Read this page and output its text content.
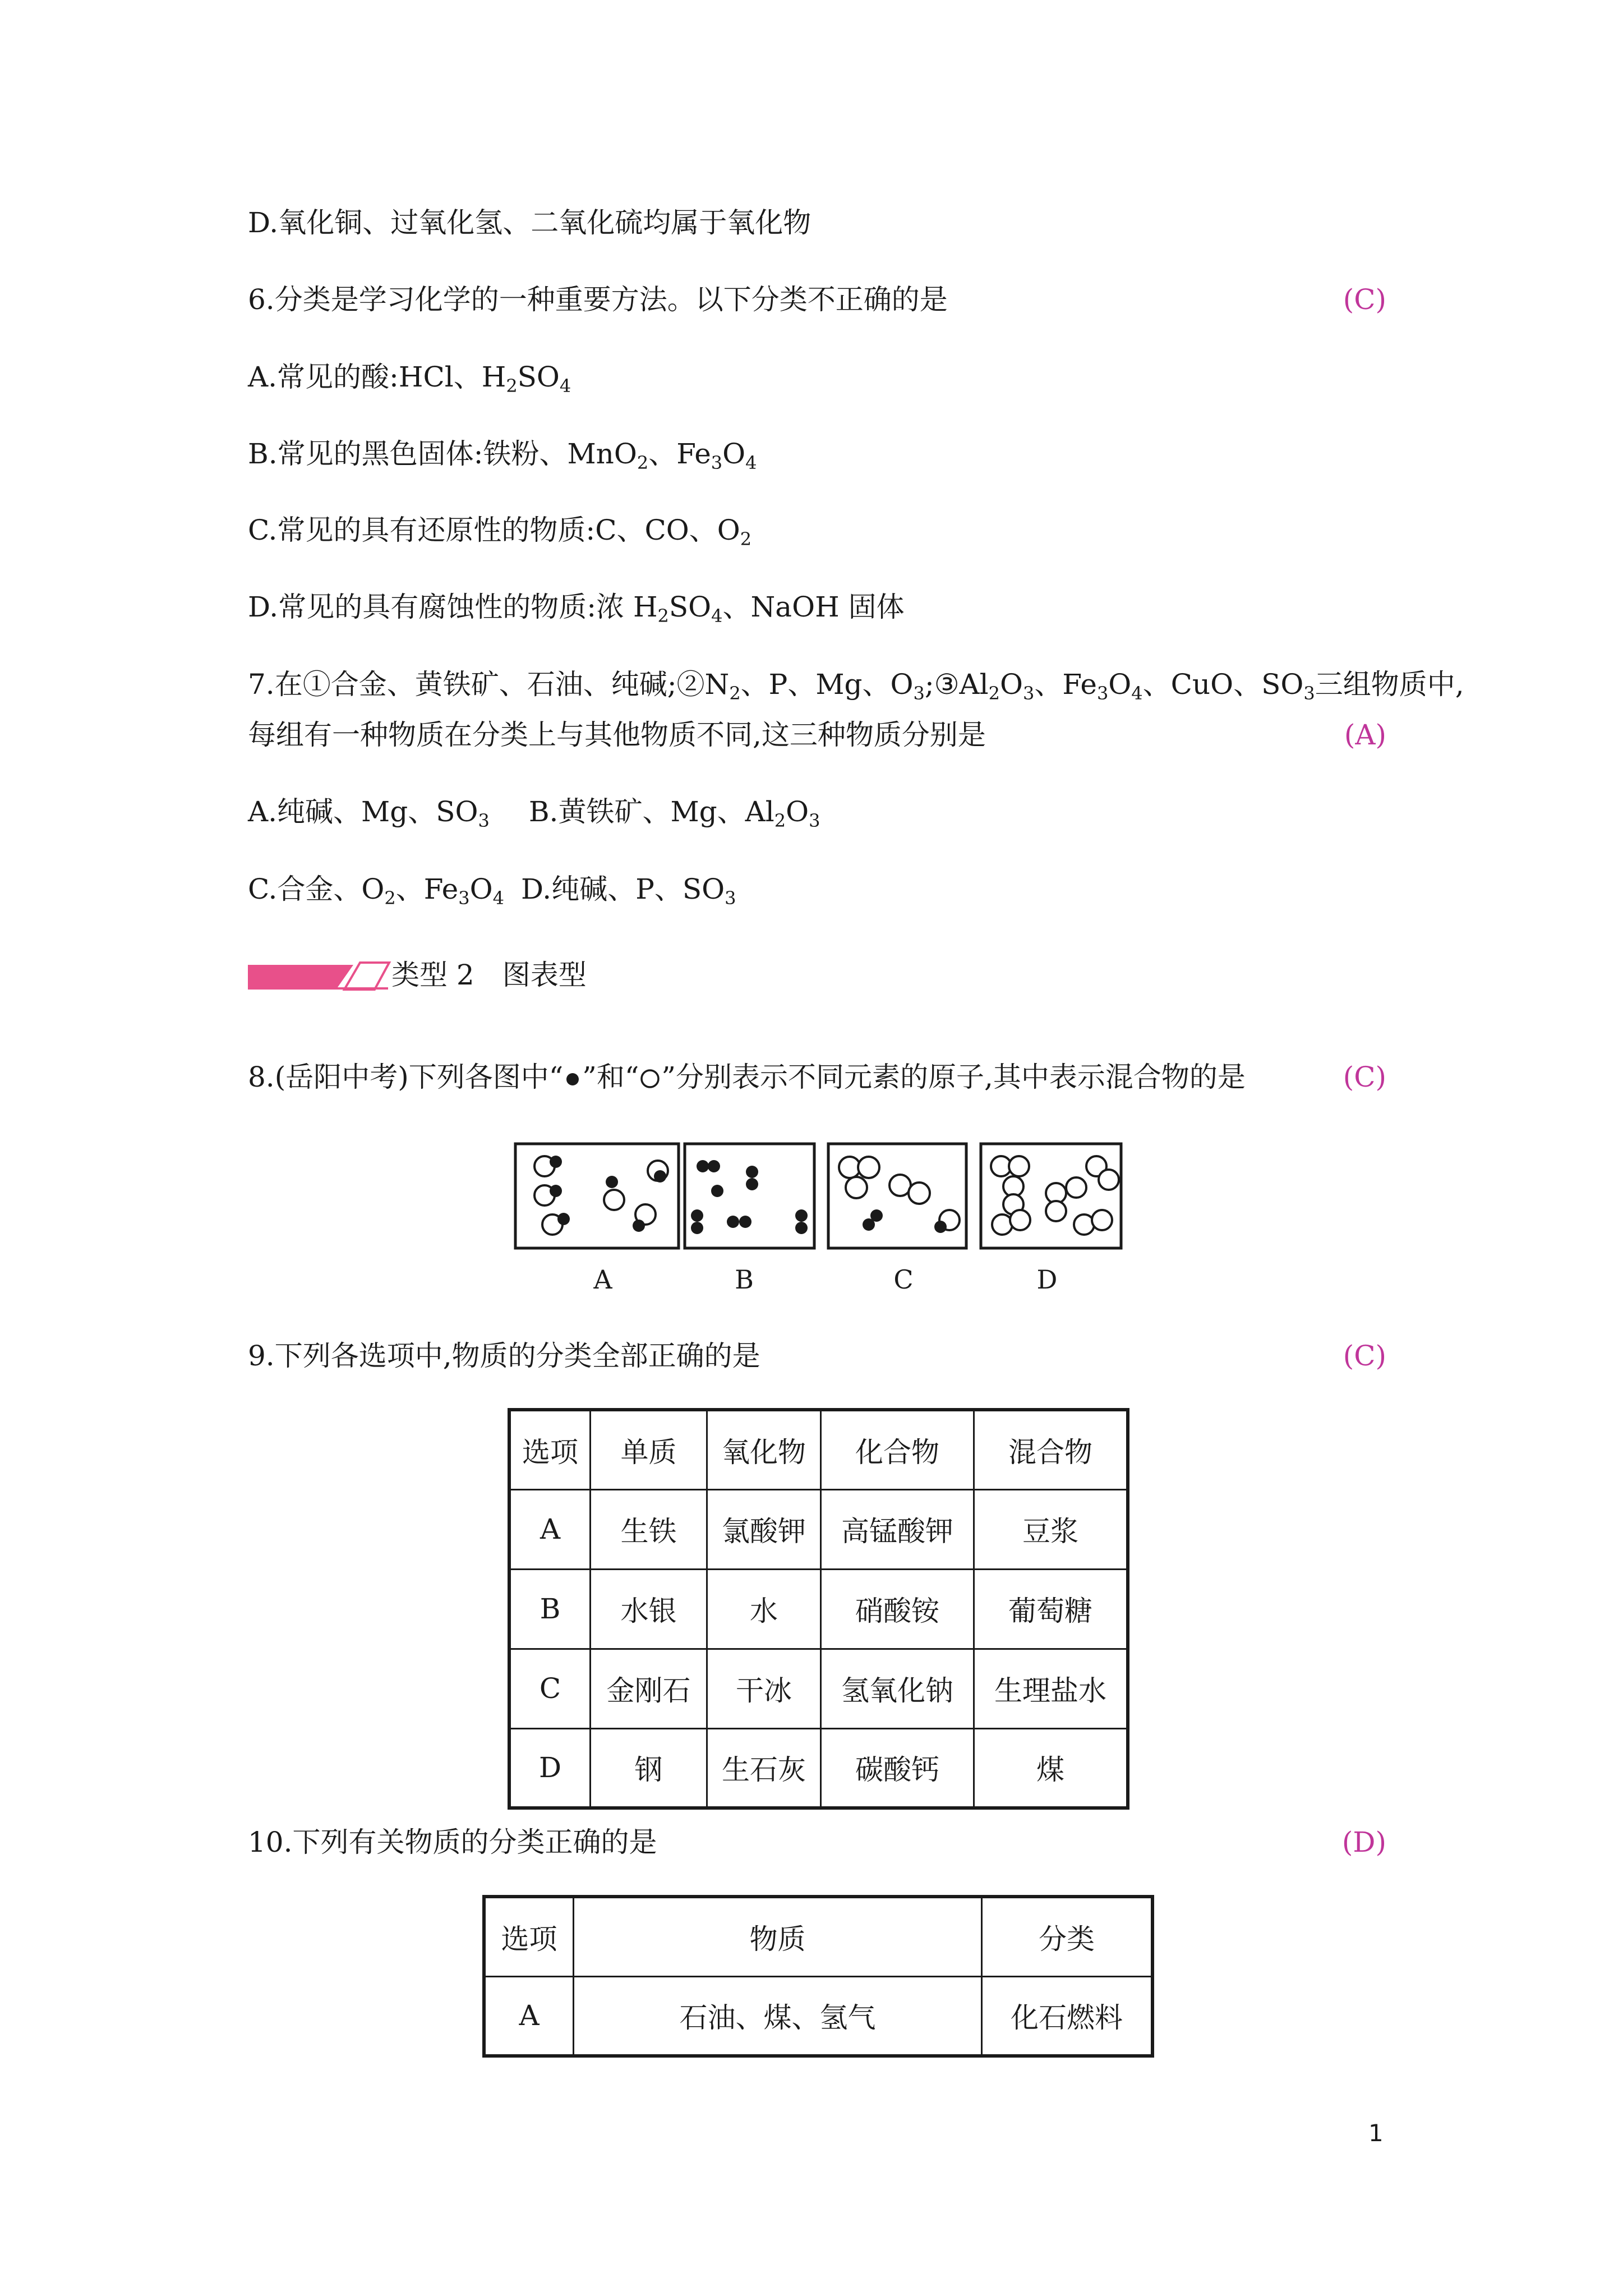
D.氧化铜、过氧化氢、二氧化硫均属于氧化物
6.分类是学习化学的一种重要方法。以下分类不正确的是	(C)
A.常见的酸:HCl、$H_2SO_4$
B.常见的黑色固体:铁粉、MnO$_2$、$Fe_3O_4$
C.常见的具有还原性的物质:C、CO、$O_2$
D.常见的具有腐蚀性的物质:浓 $H_2SO_4$、NaOH 固体
7.在①合金、黄铁矿、石油、纯碱$;②N_2$、P、Mg、$O_3;③Al_2O_3$、$Fe_3O_4$、CuO、$SO_3$三组物质中,
每组有一种物质在分类上与其他物质不同,这三种物质分别是	(A)
A.纯碱、Mg、$SO_3$ B.黄铁矿、Mg、$Al_2O_3$
C.合金、$O_2$、$Fe_3O_4$ D.纯碱、P、$SO_3$
类型 2　图表型
8.(岳阳中考)下列各图中“ ”和“ ”分别表示不同元素的原子,其中表示混合物的是	(C)
A	B	C	D
9.下列各选项中,物质的分类全部正确的是	(C)
选项	单质	氧化物	化合物	混合物
A	生铁	氯酸钾	高锰酸钾	豆浆
B	水银	水	硝酸铵	葡萄糖
C	金刚石	干冰	氢氧化钠	生理盐水
D	钢	生石灰	碳酸钙	煤
10.下列有关物质的分类正确的是	(D)
选项	物质	分类
A	石油、煤、氢气	化石燃料
1
